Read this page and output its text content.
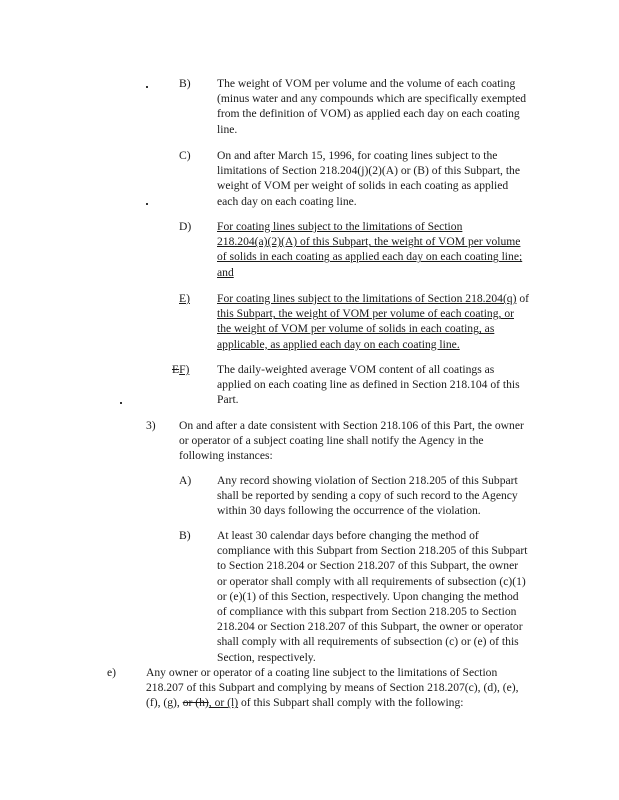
B) The weight of VOM per volume and the volume of each coating
(minus water and any compounds which are specifically exempted
from the definition of VOM) as applied each day on each coating
line.
C) On and after March 15, 1996, for coating lines subject to the
limitations of Section 218.204(j)(2)(A) or (B) of this Subpart, the
weight of VOM per weight of solids in each coating as applied
each day on each coating line.
D) For coating lines subject to the limitations of Section
218.204(a)(2)(A) of this Subpart, the weight of VOM per volume
of solids in each coating as applied each day on each coating line;
and
E) For coating lines subject to the limitations of Section 218.204(q) of
this Subpart, the weight of VOM per volume of each coating, or
the weight of VOM per volume of solids in each coating, as
applicable, as applied each day on each coating line.
EF) The daily-weighted average VOM content of all coatings as
applied on each coating line as defined in Section 218.104 of this
Part.
3) On and after a date consistent with Section 218.106 of this Part, the owner
or operator of a subject coating line shall notify the Agency in the
following instances:
A) Any record showing violation of Section 218.205 of this Subpart
shall be reported by sending a copy of such record to the Agency
within 30 days following the occurrence of the violation.
B) At least 30 calendar days before changing the method of
compliance with this Subpart from Section 218.205 of this Subpart
to Section 218.204 or Section 218.207 of this Subpart, the owner
or operator shall comply with all requirements of subsection (c)(1)
or (e)(1) of this Section, respectively. Upon changing the method
of compliance with this subpart from Section 218.205 to Section
218.204 or Section 218.207 of this Subpart, the owner or operator
shall comply with all requirements of subsection (c) or (e) of this
Section, respectively.
e)	Any owner or operator of a coating line subject to the limitations of Section
218.207 of this Subpart and complying by means of Section 218.207(c), (d), (e),
(f), (g), or (h), or (l) of this Subpart shall comply with the following:
